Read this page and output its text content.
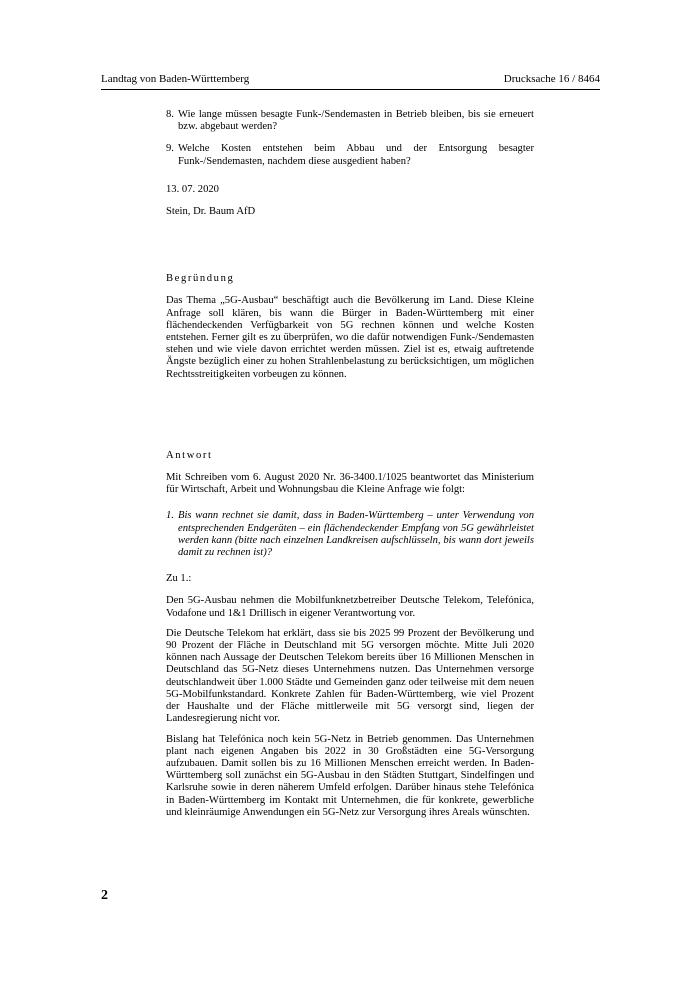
Landtag von Baden-Württemberg	Drucksache 16 / 8464
8. Wie lange müssen besagte Funk-/Sendemasten in Betrieb bleiben, bis sie erneuert bzw. abgebaut werden?
9. Welche Kosten entstehen beim Abbau und der Entsorgung besagter Funk-/Sendemasten, nachdem diese ausgedient haben?
13. 07. 2020
Stein, Dr. Baum AfD
Begründung
Das Thema „5G-Ausbau“ beschäftigt auch die Bevölkerung im Land. Diese Kleine Anfrage soll klären, bis wann die Bürger in Baden-Württemberg mit einer flächendeckenden Verfügbarkeit von 5G rechnen können und welche Kosten entstehen. Ferner gilt es zu überprüfen, wo die dafür notwendigen Funk-/Sendemasten stehen und wie viele davon errichtet werden müssen. Ziel ist es, etwaig auftretende Ängste bezüglich einer zu hohen Strahlenbelastung zu berücksichtigen, um möglichen Rechtsstreitigkeiten vorbeugen zu können.
Antwort
Mit Schreiben vom 6. August 2020 Nr. 36-3400.1/1025 beantwortet das Ministerium für Wirtschaft, Arbeit und Wohnungsbau die Kleine Anfrage wie folgt:
1. Bis wann rechnet sie damit, dass in Baden-Württemberg – unter Verwendung von entsprechenden Endgeräten – ein flächendeckender Empfang von 5G gewährleistet werden kann (bitte nach einzelnen Landkreisen aufschlüsseln, bis wann dort jeweils damit zu rechnen ist)?
Zu 1.:
Den 5G-Ausbau nehmen die Mobilfunknetzbetreiber Deutsche Telekom, Telefónica, Vodafone und 1&1 Drillisch in eigener Verantwortung vor.
Die Deutsche Telekom hat erklärt, dass sie bis 2025 99 Prozent der Bevölkerung und 90 Prozent der Fläche in Deutschland mit 5G versorgen möchte. Mitte Juli 2020 können nach Aussage der Deutschen Telekom bereits über 16 Millionen Menschen in Deutschland das 5G-Netz dieses Unternehmens nutzen. Das Unternehmen versorge deutschlandweit über 1.000 Städte und Gemeinden ganz oder teilweise mit dem neuen 5G-Mobilfunkstandard. Konkrete Zahlen für Baden-Württemberg, wie viel Prozent der Haushalte und der Fläche mittlerweile mit 5G versorgt sind, liegen der Landesregierung nicht vor.
Bislang hat Telefónica noch kein 5G-Netz in Betrieb genommen. Das Unternehmen plant nach eigenen Angaben bis 2022 in 30 Großstädten eine 5G-Versorgung aufzubauen. Damit sollen bis zu 16 Millionen Menschen erreicht werden. In Baden-Württemberg soll zunächst ein 5G-Ausbau in den Städten Stuttgart, Sindelfingen und Karlsruhe sowie in deren näherem Umfeld erfolgen. Darüber hinaus stehe Telefónica in Baden-Württemberg im Kontakt mit Unternehmen, die für konkrete, gewerbliche und kleinräumige Anwendungen ein 5G-Netz zur Versorgung ihres Areals wünschten.
2
